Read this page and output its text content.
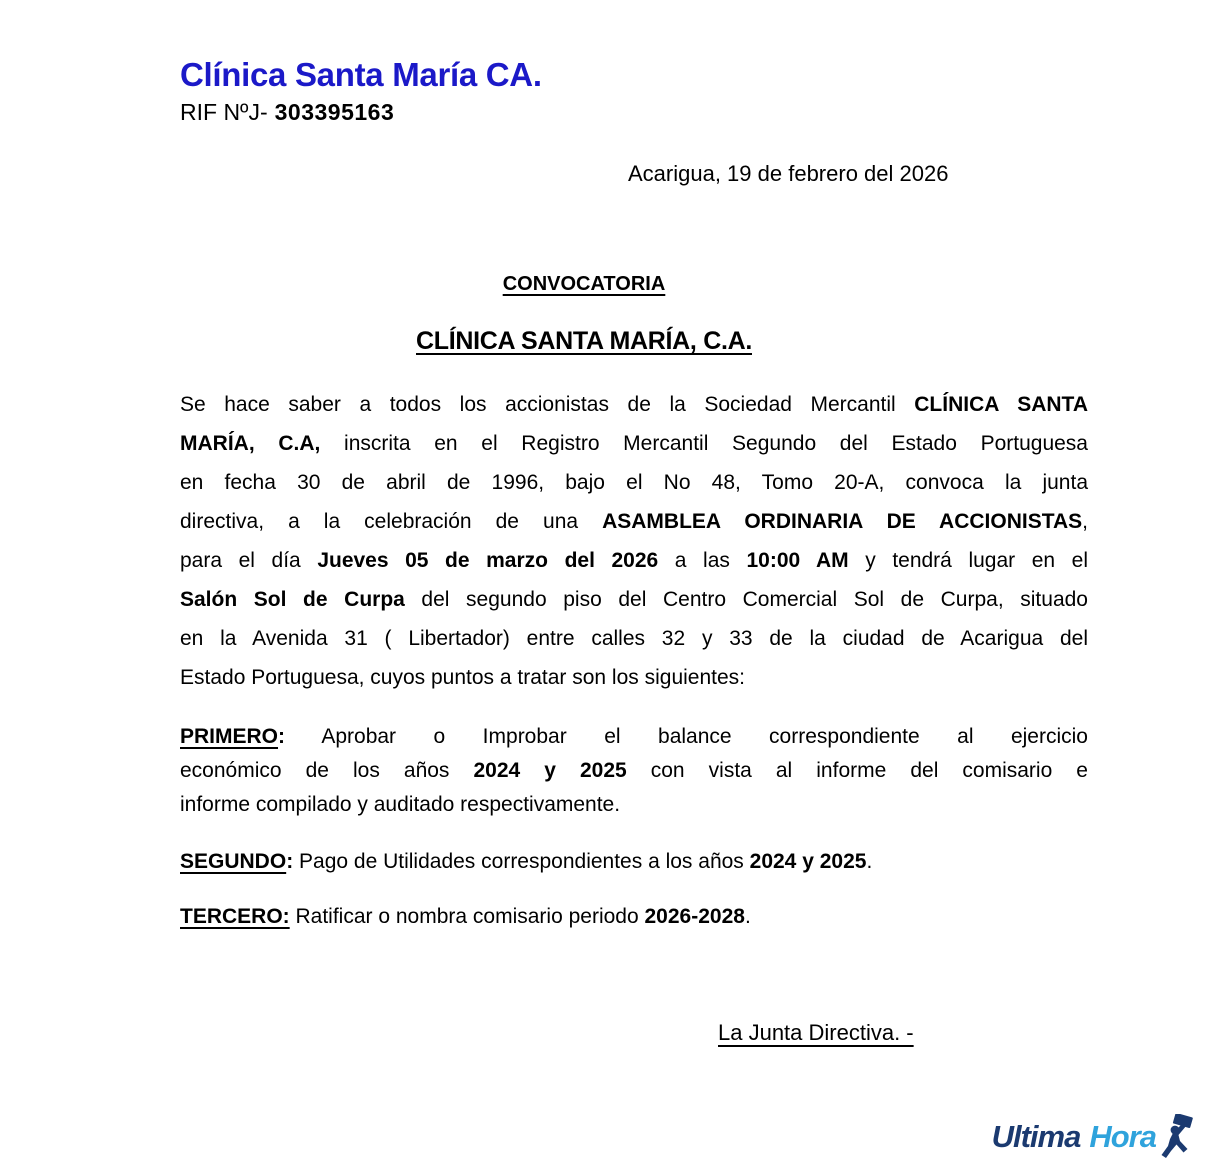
Clínica Santa María CA.
RIF NºJ- 303395163
Acarigua, 19 de febrero del 2026
CONVOCATORIA
CLÍNICA SANTA MARÍA, C.A.
Se hace saber a todos los accionistas de la Sociedad Mercantil CLÍNICA SANTA
MARÍA, C.A, inscrita en el Registro Mercantil Segundo del Estado Portuguesa
en fecha 30 de abril de 1996, bajo el No 48, Tomo 20-A, convoca la junta
directiva, a la celebración de una ASAMBLEA ORDINARIA DE ACCIONISTAS,
para el día Jueves 05 de marzo del 2026 a las 10:00 AM y tendrá lugar en el
Salón Sol de Curpa del segundo piso del Centro Comercial Sol de Curpa, situado
en la Avenida 31 ( Libertador) entre calles 32 y 33 de la ciudad de Acarigua del
Estado Portuguesa, cuyos puntos a tratar son los siguientes:
PRIMERO: Aprobar o Improbar el balance correspondiente al ejercicio
económico de los años 2024 y 2025 con vista al informe del comisario e
informe compilado y auditado respectivamente.
SEGUNDO: Pago de Utilidades correspondientes a los años 2024 y 2025.
TERCERO: Ratificar o nombra comisario periodo 2026-2028.
La Junta Directiva. -
Ultima Hora
